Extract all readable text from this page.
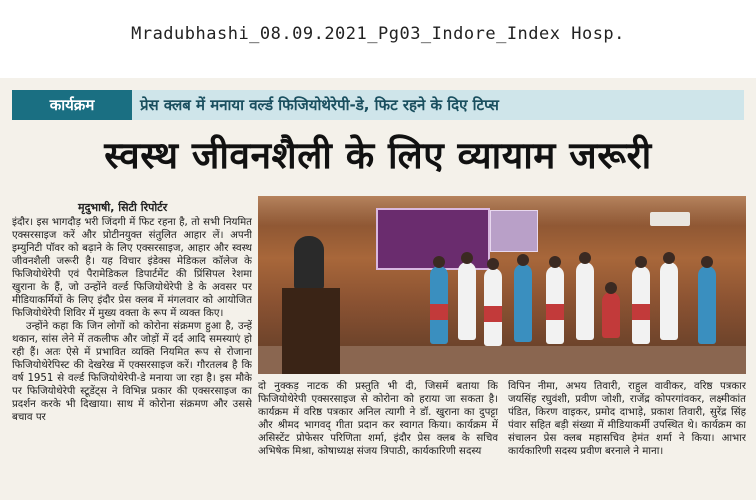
Mradubhashi_08.09.2021_Pg03_Indore_Index Hosp.
कार्यक्रम	प्रेस क्लब में मनाया वर्ल्ड फिजियोथेरेपी-डे, फिट रहने के दिए टिप्स
स्वस्थ जीवनशैली के लिए व्यायाम जरूरी
मृदुभाषी, सिटी रिपोर्टर

इंदौर। इस भागदौड़ भरी जिंदगी में फिट रहना है, तो सभी नियमित एक्सरसाइज करें और प्रोटीनयुक्त संतुलित आहार लें। अपनी इम्युनिटी पॉवर को बढ़ाने के लिए एक्सरसाइज, आहार और स्वस्थ जीवनशैली जरूरी है। यह विचार इंडेक्स मेडिकल कॉलेज के फिजियोथेरेपी एवं पैरामेडिकल डिपार्टमेंट की प्रिंसिपल रेशमा खुराना के हैं, जो उन्होंने वर्ल्ड फिजियोथेरेपी डे के अवसर पर मीडियाकर्मियों के लिए इंदौर प्रेस क्लब में मंगलवार को आयोजित फिजियोथेरेपी शिविर में मुख्य वक्ता के रूप में व्यक्त किए।

उन्होंने कहा कि जिन लोगों को कोरोना संक्रमण हुआ है, उन्हें थकान, सांस लेने में तकलीफ और जोड़ों में दर्द आदि समस्याएं हो रही हैं। अतः ऐसे में प्रभावित व्यक्ति नियमित रूप से रोजाना फिजियोथेरेपिस्ट की देखरेख में एक्सरसाइज करें। गौरतलब है कि वर्ष 1951 से वर्ल्ड फिजियोथेरेपी-डे मनाया जा रहा है। इस मौके पर फिजियोथेरेपी स्टूडेंट्स ने विभिन्न प्रकार की एक्सरसाइज का प्रदर्शन करके भी दिखाया। साथ में कोरोना संक्रमण और उससे बचाव पर

दो नुक्कड़ नाटक की प्रस्तुति भी दी, जिसमें बताया कि फिजियोथेरेपी एक्सरसाइज से कोरोना को हराया जा सकता है। कार्यक्रम में वरिष्ठ पत्रकार अनिल त्यागी ने डॉ. खुराना का दुपट्टा और श्रीमद भागवद् गीता प्रदान कर स्वागत किया। कार्यक्रम में असिस्टेंट प्रोफेसर परिणिता शर्मा, इंदौर प्रेस क्लब के सचिव अभिषेक मिश्रा, कोषाध्यक्ष संजय त्रिपाठी, कार्यकारिणी सदस्य

विपिन नीमा, अभय तिवारी, राहुल वावीकर, वरिष्ठ पत्रकार जयसिंह रघुवंशी, प्रवीण जोशी, राजेंद्र कोपरगांवकर, लक्ष्मीकांत पंडित, किरण वाइकर, प्रमोद दाभाड़े, प्रकाश तिवारी, सुरेंद्र सिंह पंवार सहित बड़ी संख्या में मीडियाकर्मी उपस्थित थे। कार्यक्रम का संचालन प्रेस क्लब महासचिव हेमंत शर्मा ने किया। आभार कार्यकारिणी सदस्य प्रवीण बरनाले ने माना।
